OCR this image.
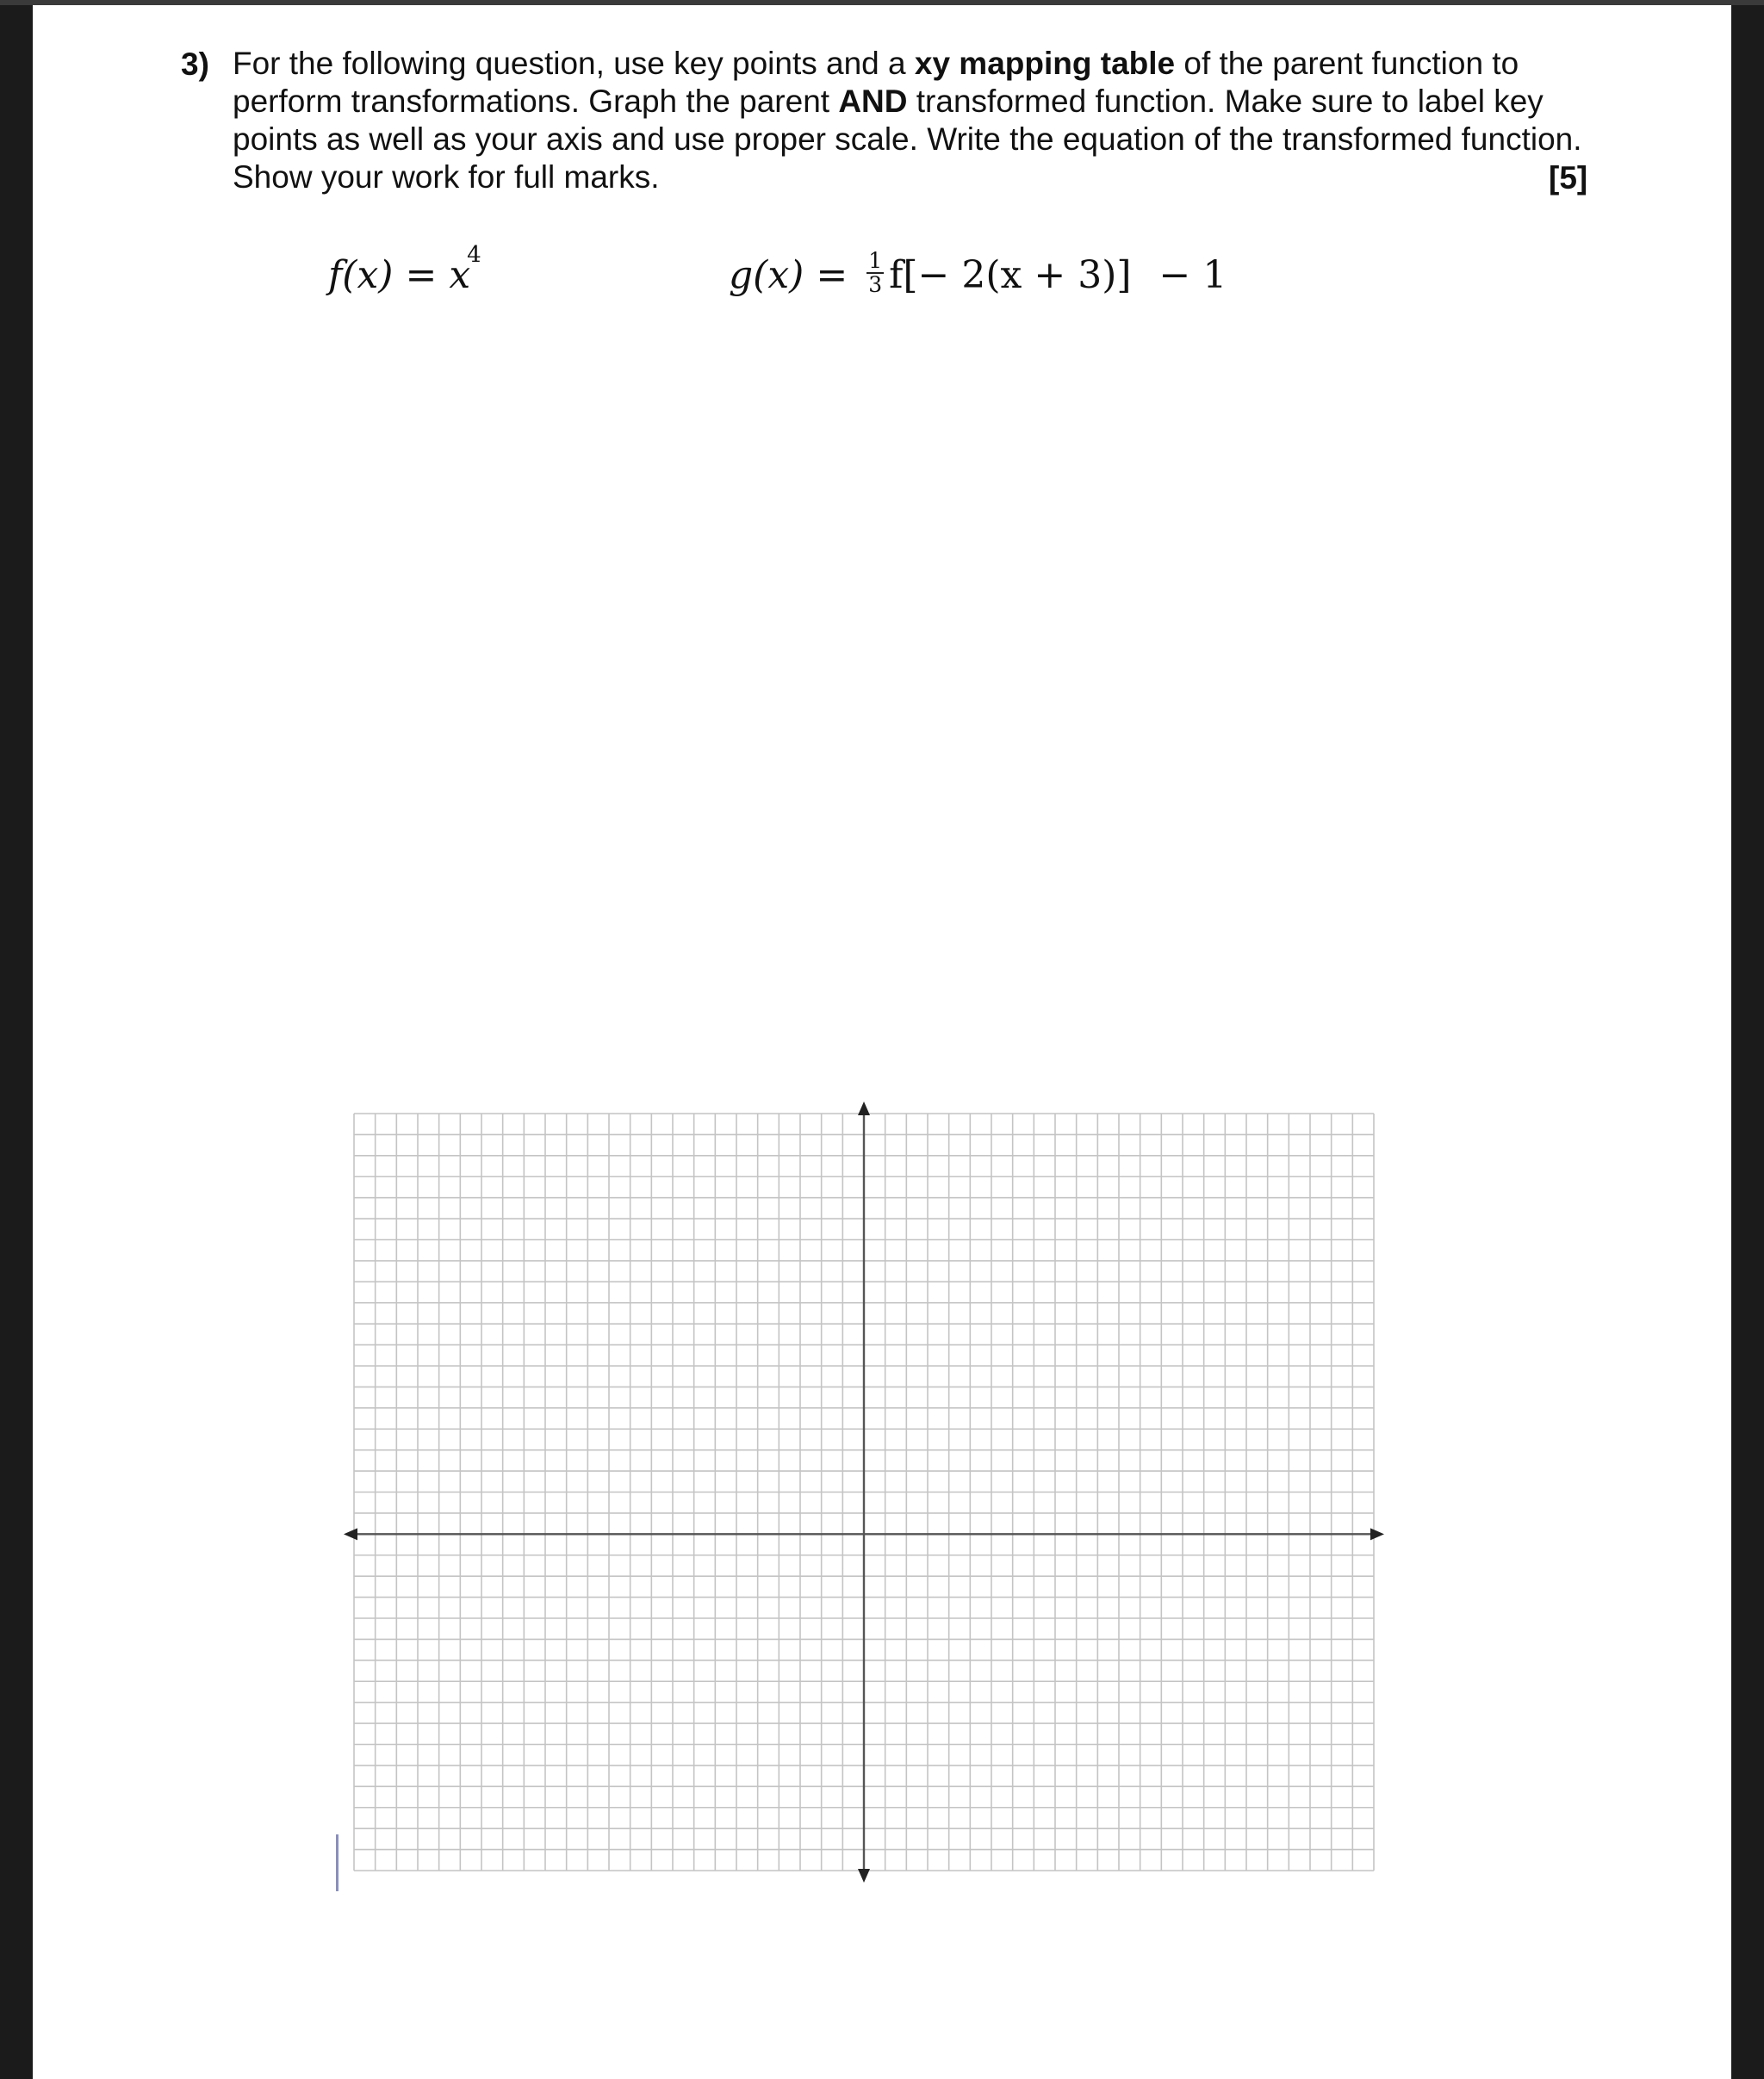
3) For the following question, use key points and a xy mapping table of the parent function to
perform transformations. Graph the parent AND transformed function. Make sure to label key
points as well as your axis and use proper scale. Write the equation of the transformed function.
Show your work for full marks.	[5]
$f(x) = x^4$	$g(x) = \frac{1}{3} f[- 2(x + 3)] - 1$
